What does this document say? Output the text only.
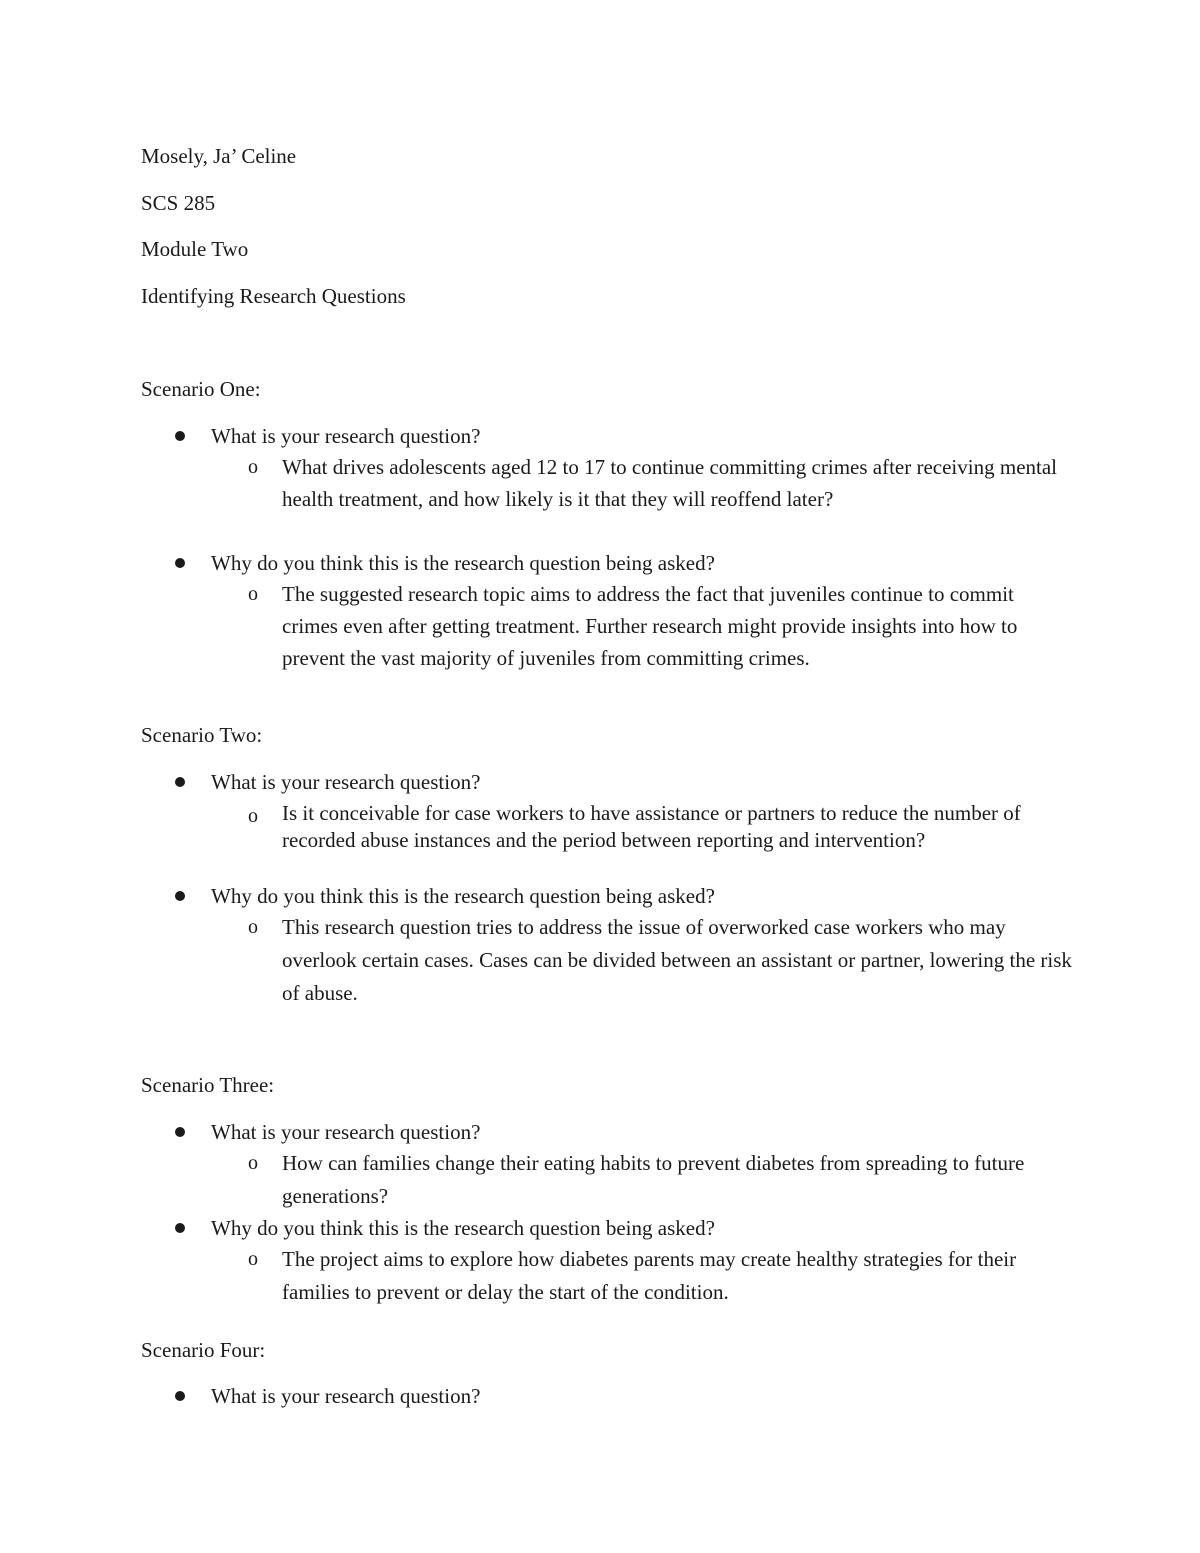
Mosely, Ja’ Celine
SCS 285
Module Two
Identifying Research Questions
Scenario One:
What is your research question?
o What drives adolescents aged 12 to 17 to continue committing crimes after receiving mental health treatment, and how likely is it that they will reoffend later?
Why do you think this is the research question being asked?
o The suggested research topic aims to address the fact that juveniles continue to commit crimes even after getting treatment. Further research might provide insights into how to prevent the vast majority of juveniles from committing crimes.
Scenario Two:
What is your research question?
o Is it conceivable for case workers to have assistance or partners to reduce the number of recorded abuse instances and the period between reporting and intervention?
Why do you think this is the research question being asked?
o This research question tries to address the issue of overworked case workers who may overlook certain cases. Cases can be divided between an assistant or partner, lowering the risk of abuse.
Scenario Three:
What is your research question?
o How can families change their eating habits to prevent diabetes from spreading to future generations?
Why do you think this is the research question being asked?
o The project aims to explore how diabetes parents may create healthy strategies for their families to prevent or delay the start of the condition.
Scenario Four:
What is your research question?
